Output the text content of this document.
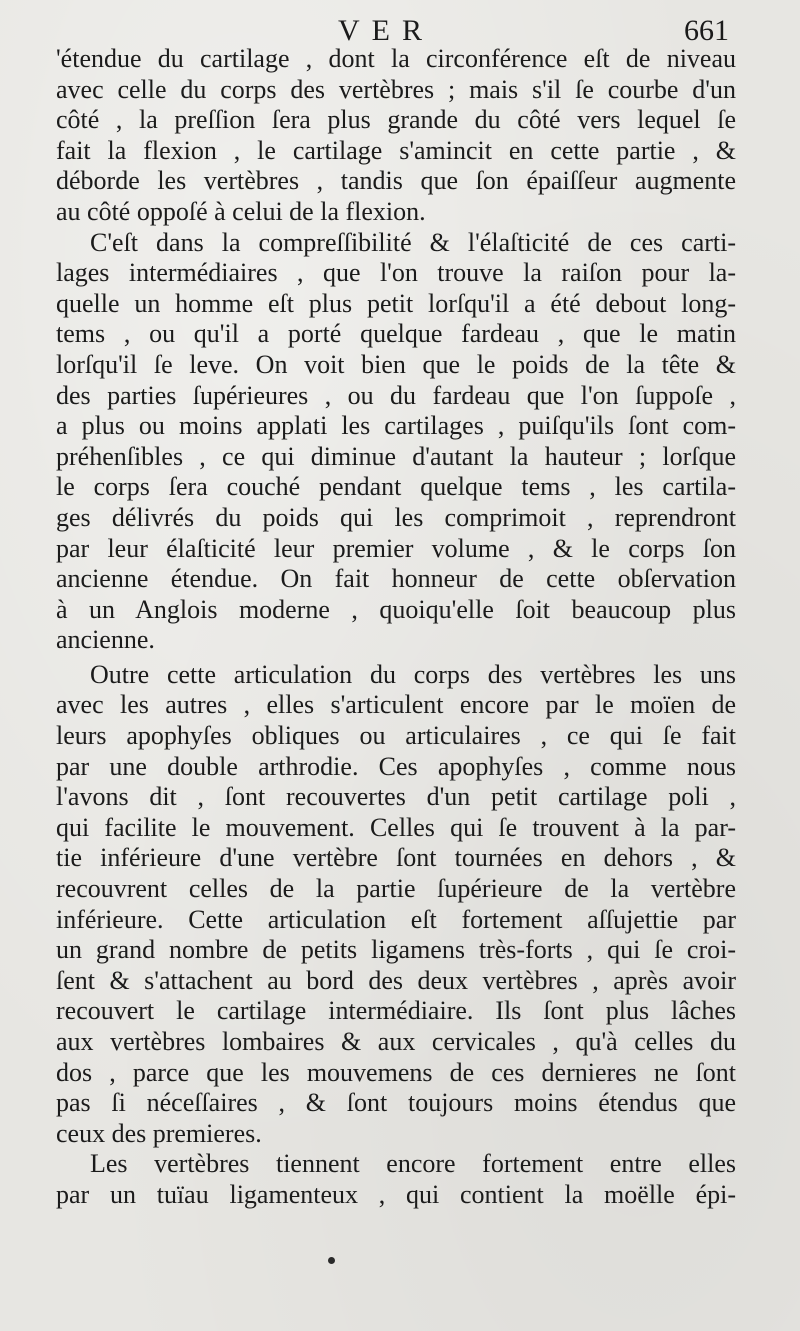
VER	661
'étendue du cartilage , dont la circonférence eſt de niveau
avec celle du corps des vertèbres ; mais s'il ſe courbe d'un
côté , la preſſion ſera plus grande du côté vers lequel ſe
fait la flexion , le cartilage s'amincit en cette partie , &
déborde les vertèbres , tandis que ſon épaiſſeur augmente
au côté oppoſé à celui de la flexion.
C'eſt dans la compreſſibilité & l'élaſticité de ces carti-
lages intermédiaires , que l'on trouve la raiſon pour la-
quelle un homme eſt plus petit lorſqu'il a été debout long-
tems , ou qu'il a porté quelque fardeau , que le matin
lorſqu'il ſe leve. On voit bien que le poids de la tête &
des parties ſupérieures , ou du fardeau que l'on ſuppoſe ,
a plus ou moins applati les cartilages , puiſqu'ils ſont com-
préhenſibles , ce qui diminue d'autant la hauteur ; lorſque
le corps ſera couché pendant quelque tems , les cartila-
ges délivrés du poids qui les comprimoit , reprendront
par leur élaſticité leur premier volume , & le corps ſon
ancienne étendue. On fait honneur de cette obſervation
à un Anglois moderne , quoiqu'elle ſoit beaucoup plus
ancienne.
Outre cette articulation du corps des vertèbres les uns
avec les autres , elles s'articulent encore par le moïen de
leurs apophyſes obliques ou articulaires , ce qui ſe fait
par une double arthrodie. Ces apophyſes , comme nous
l'avons dit , ſont recouvertes d'un petit cartilage poli ,
qui facilite le mouvement. Celles qui ſe trouvent à la par-
tie inférieure d'une vertèbre ſont tournées en dehors , &
recouvrent celles de la partie ſupérieure de la vertèbre
inférieure. Cette articulation eſt fortement aſſujettie par
un grand nombre de petits ligamens très-forts , qui ſe croi-
ſent & s'attachent au bord des deux vertèbres , après avoir
recouvert le cartilage intermédiaire. Ils ſont plus lâches
aux vertèbres lombaires & aux cervicales , qu'à celles du
dos , parce que les mouvemens de ces dernieres ne ſont
pas ſi néceſſaires , & ſont toujours moins étendus que
ceux des premieres.
Les vertèbres tiennent encore fortement entre elles
par un tuïau ligamenteux , qui contient la moëlle épi-
